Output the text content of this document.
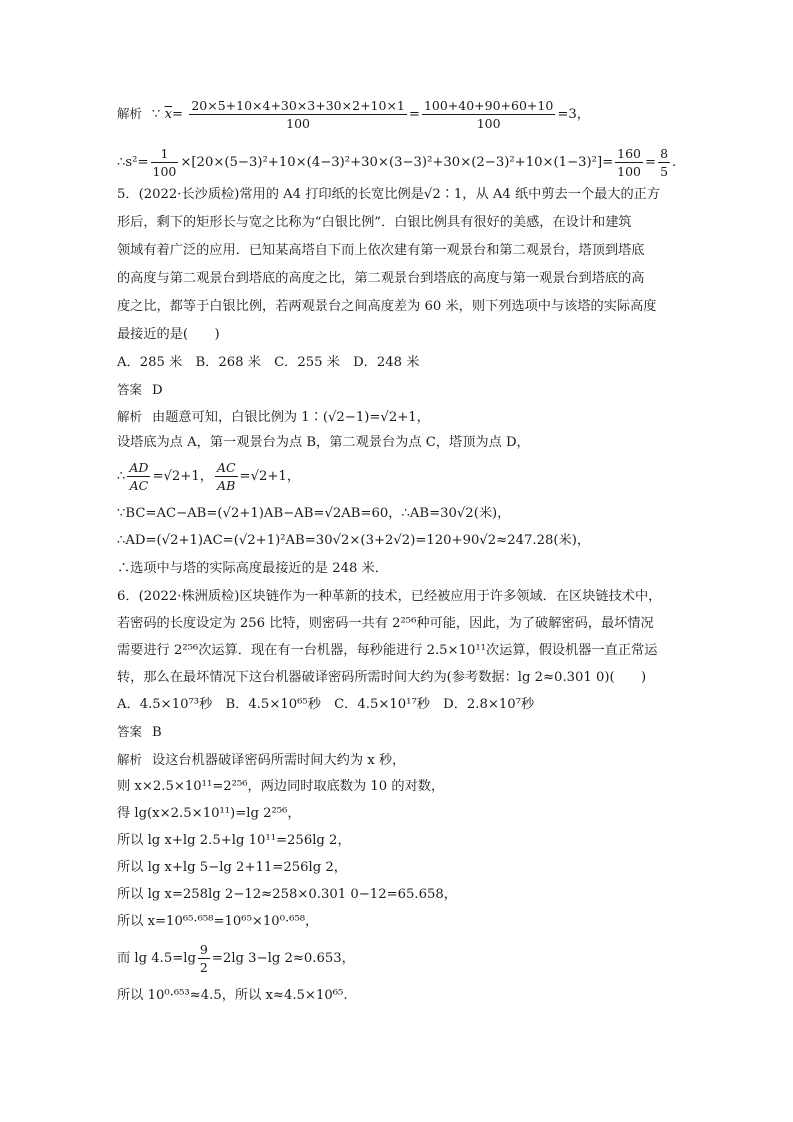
解析 ∵ $\overline{x}= \frac{20\times 5+10\times 4+30\times 3+30\times 2+10\times 1}{100} = \frac{100+40+90+60+10}{100} =3$，
∴s²= $\frac{1}{100} \times[20\times(5-3)^2+10\times(4-3)^2+30\times(3-3)^2+30\times(2-3)^2+10\times(1-3)^2]= \frac{160}{100} = \frac{8}{5}$ .
5．(2022·长沙质检)常用的 A4 打印纸的长宽比例是√2∶1，从 A4 纸中剪去一个最大的正方
形后，剩下的矩形长与宽之比称为“白银比例”．白银比例具有很好的美感，在设计和建筑
领域有着广泛的应用．已知某高塔自下而上依次建有第一观景台和第二观景台，塔顶到塔底
的高度与第二观景台到塔底的高度之比，第二观景台到塔底的高度与第一观景台到塔底的高
度之比，都等于白银比例，若两观景台之间高度差为 60 米，则下列选项中与该塔的实际高度
最接近的是(　　)
A．285 米　B．268 米　C．255 米　D．248 米
答案 D
解析 由题意可知，白银比例为 1∶(√2−1)=√2+1，
设塔底为点 A，第一观景台为点 B，第二观景台为点 C，塔顶为点 D，
∴ $\frac{AD}{AC} =√2+1$， $\frac{AC}{AB} =√2+1$，
∵BC=AC−AB=(√2+1)AB−AB=√2AB=60，∴AB=30√2(米)，
∴AD=(√2+1)AC=(√2+1)²AB=30√2×(3+2√2)=120+90√2≈247.28(米)，
∴选项中与塔的实际高度最接近的是 248 米．
6．(2022·株洲质检)区块链作为一种革新的技术，已经被应用于许多领域．在区块链技术中，
若密码的长度设定为 256 比特，则密码一共有 2²⁵⁶种可能，因此，为了破解密码，最坏情况
需要进行 2²⁵⁶次运算．现在有一台机器，每秒能进行 2.5×10¹¹次运算，假设机器一直正常运
转，那么在最坏情况下这台机器破译密码所需时间大约为(参考数据：lg 2≈0.301 0)(　　)
A．4.5×10⁷³秒　B．4.5×10⁶⁵秒　C．4.5×10¹⁷秒　D．2.8×10⁷秒
答案 B
解析 设这台机器破译密码所需时间大约为 x 秒，
则 x×2.5×10¹¹=2²⁵⁶，两边同时取底数为 10 的对数，
得 lg(x×2.5×10¹¹)=lg 2²⁵⁶，
所以 lg x+lg 2.5+lg 10¹¹=256lg 2，
所以 lg x+lg 5−lg 2+11=256lg 2，
所以 lg x=258lg 2−12≈258×0.301 0−12=65.658，
所以 x=10⁶⁵·⁶⁵⁸=10⁶⁵×10⁰·⁶⁵⁸，
而 $\lg 4.5=\lg \frac{9}{2} =2\lg$ 3−lg 2≈0.653，
所以 10⁰·⁶⁵³≈4.5，所以 x≈4.5×10⁶⁵.
